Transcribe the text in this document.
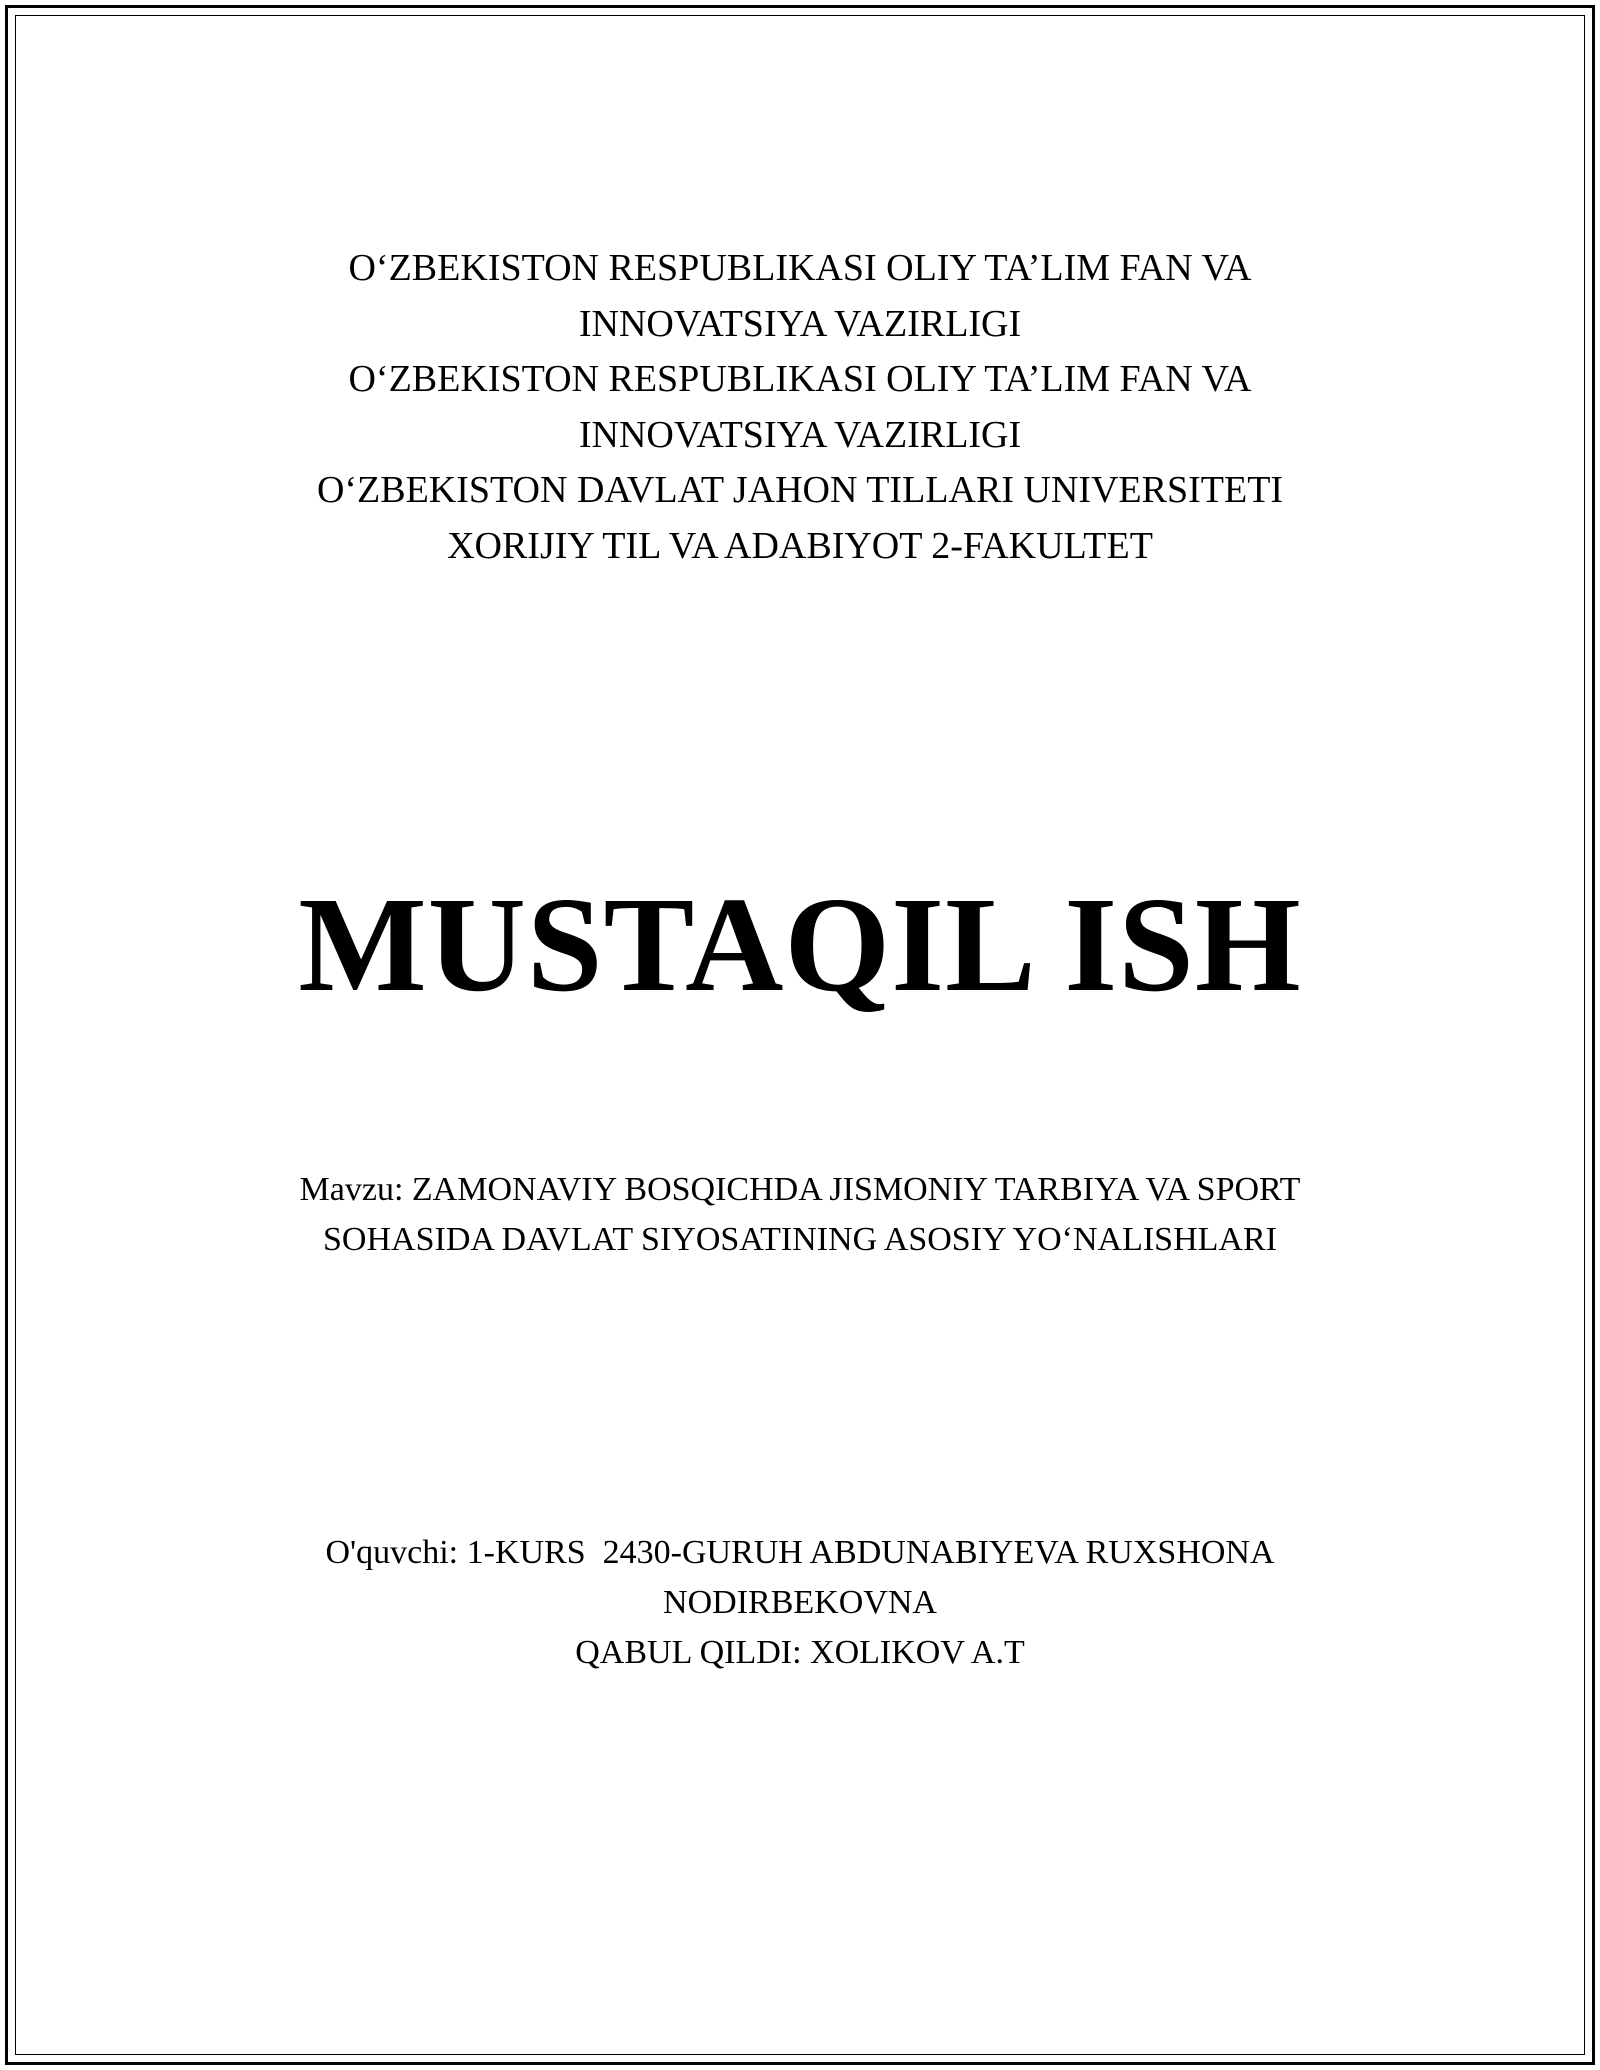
O‘ZBEKISTON RESPUBLIKASI OLIY TA’LIM FAN VA
INNOVATSIYA VAZIRLIGI
O‘ZBEKISTON RESPUBLIKASI OLIY TA’LIM FAN VA
INNOVATSIYA VAZIRLIGI
O‘ZBEKISTON DAVLAT JAHON TILLARI UNIVERSITETI
XORIJIY TIL VA ADABIYOT 2-FAKULTET
MUSTAQIL ISH
Mavzu: ZAMONAVIY BOSQICHDA JISMONIY TARBIYA VA SPORT
SOHASIDA DAVLAT SIYOSATINING ASOSIY YO‘NALISHLARI
O'quvchi: 1-KURS  2430-GURUH ABDUNABIYEVA RUXSHONA
NODIRBEKOVNA
QABUL QILDI: XOLIKOV A.T
